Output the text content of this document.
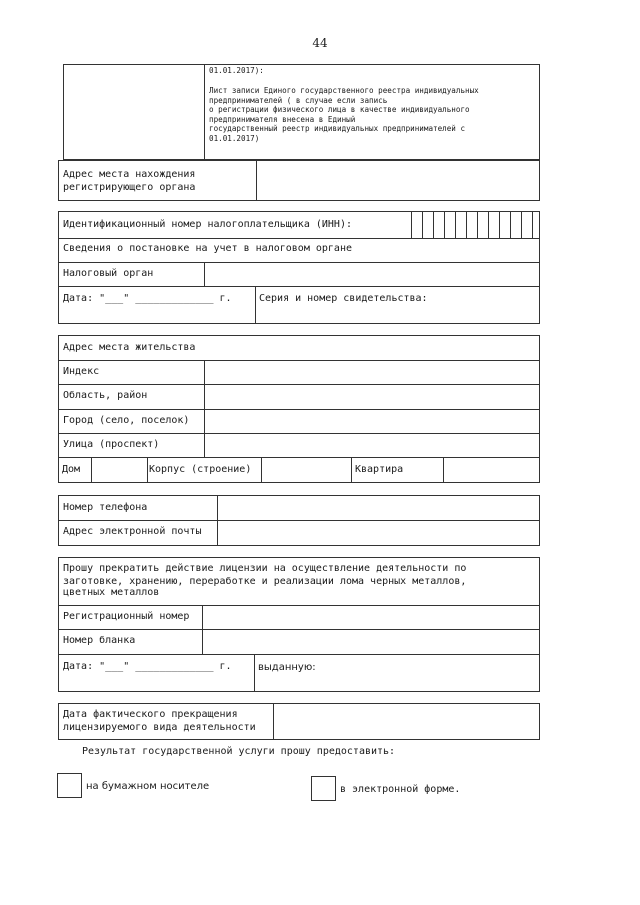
44
01.01.2017):
Лист записи Единого государственного реестра индивидуальных
предпринимателей ( в случае если запись
о регистрации физического лица в качестве индивидуального
предпринимателя внесена в Единый
государственный реестр индивидуальных предпринимателей с
01.01.2017)
Адрес места нахождения
регистрирующего органа
Идентификационный номер налогоплательщика (ИНН):
Сведения о постановке на учет в налоговом органе
Налоговый орган
Дата: "___" _____________ г.	Серия и номер свидетельства:
Адрес места жительства
Индекс
Область, район
Город (село, поселок)
Улица (проспект)
Дом	Корпус (строение)	Квартира
Номер телефона
Адрес электронной почты
Прошу прекратить действие лицензии на осуществление деятельности по
заготовке, хранению, переработке и реализации лома черных металлов,
цветных металлов
Регистрационный номер
Номер бланка
Дата: "___" _____________ г.	выданную:
Дата фактического прекращения
лицензируемого вида деятельности
Результат государственной услуги прошу предоставить:
на бумажном носителе	в электронной форме.
